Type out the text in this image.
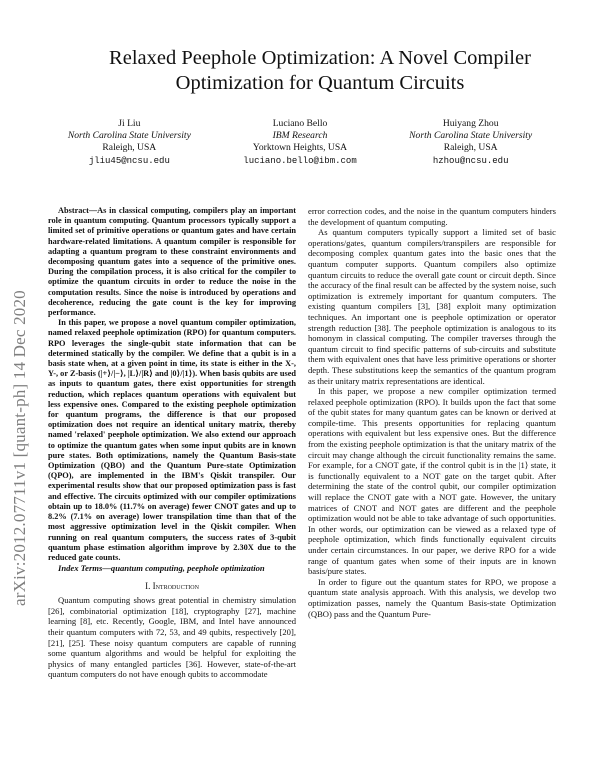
arXiv:2012.07711v1 [quant-ph] 14 Dec 2020
Relaxed Peephole Optimization: A Novel Compiler
Optimization for Quantum Circuits
Ji Liu
North Carolina State University
Raleigh, USA
jliu45@ncsu.edu
Luciano Bello
IBM Research
Yorktown Heights, USA
luciano.bello@ibm.com
Huiyang Zhou
North Carolina State University
Raleigh, USA
hzhou@ncsu.edu

Abstract—As in classical computing, compilers play an important role in quantum computing. Quantum processors typically support a limited set of primitive operations or quantum gates and have certain hardware-related limitations. A quantum compiler is responsible for adapting a quantum program to these constraint environments and decomposing quantum gates into a sequence of the primitive ones. During the compilation process, it is also critical for the compiler to optimize the quantum circuits in order to reduce the noise in the computation results. Since the noise is introduced by operations and decoherence, reducing the gate count is the key for improving performance.

In this paper, we propose a novel quantum compiler optimization, named relaxed peephole optimization (RPO) for quantum computers. RPO leverages the single-qubit state information that can be determined statically by the compiler. We define that a qubit is in a basis state when, at a given point in time, its state is either in the X-, Y-, or Z-basis (|+⟩/|−⟩, |L⟩/|R⟩ and |0⟩/|1⟩). When basis qubits are used as inputs to quantum gates, there exist opportunities for strength reduction, which replaces quantum operations with equivalent but less expensive ones. Compared to the existing peephole optimization for quantum programs, the difference is that our proposed optimization does not require an identical unitary matrix, thereby named 'relaxed' peephole optimization. We also extend our approach to optimize the quantum gates when some input qubits are in known pure states. Both optimizations, namely the Quantum Basis-state Optimization (QBO) and the Quantum Pure-state Optimization (QPO), are implemented in the IBM's Qiskit transpiler. Our experimental results show that our proposed optimization pass is fast and effective. The circuits optimized with our compiler optimizations obtain up to 18.0% (11.7% on average) fewer CNOT gates and up to 8.2% (7.1% on average) lower transpilation time than that of the most aggressive optimization level in the Qiskit compiler. When running on real quantum computers, the success rates of 3-qubit quantum phase estimation algorithm improve by 2.30X due to the reduced gate counts.

Index Terms—quantum computing, peephole optimization

I. Introduction

Quantum computing shows great potential in chemistry simulation [26], combinatorial optimization [18], cryptography [27], machine learning [8], etc. Recently, Google, IBM, and Intel have announced their quantum computers with 72, 53, and 49 qubits, respectively [20], [21], [25]. These noisy quantum computers are capable of running some quantum algorithms and would be helpful for exploiting the physics of many entangled particles [36]. However, state-of-the-art quantum computers do not have enough qubits to accommodate

error correction codes, and the noise in the quantum computers hinders the development of quantum computing.

As quantum computers typically support a limited set of basic operations/gates, quantum compilers/transpilers are responsible for decomposing complex quantum gates into the basic ones that the quantum computer supports. Quantum compilers also optimize quantum circuits to reduce the overall gate count or circuit depth. Since the accuracy of the final result can be affected by the system noise, such optimization is extremely important for quantum computers. The existing quantum compilers [3], [38] exploit many optimization techniques. An important one is peephole optimization or operator strength reduction [38]. The peephole optimization is analogous to its homonym in classical computing. The compiler traverses through the quantum circuit to find specific patterns of sub-circuits and substitute them with equivalent ones that have less primitive operations or shorter depth. These substitutions keep the semantics of the quantum program as their unitary matrix representations are identical.

In this paper, we propose a new compiler optimization termed relaxed peephole optimization (RPO). It builds upon the fact that some of the qubit states for many quantum gates can be known or derived at compile-time. This presents opportunities for replacing quantum operations with equivalent but less expensive ones. But the difference from the existing peephole optimization is that the unitary matrix of the circuit may change although the circuit functionality remains the same. For example, for a CNOT gate, if the control qubit is in the |1⟩ state, it is functionally equivalent to a NOT gate on the target qubit. After determining the state of the control qubit, our compiler optimization will replace the CNOT gate with a NOT gate. However, the unitary matrices of CNOT and NOT gates are different and the peephole optimization would not be able to take advantage of such opportunities. In other words, our optimization can be viewed as a relaxed type of peephole optimization, which finds functionally equivalent circuits under certain circumstances. In our paper, we derive RPO for a wide range of quantum gates when some of their inputs are in known basis/pure states.

In order to figure out the quantum states for RPO, we propose a quantum state analysis approach. With this analysis, we develop two optimization passes, namely the Quantum Basis-state Optimization (QBO) pass and the Quantum Pure-
